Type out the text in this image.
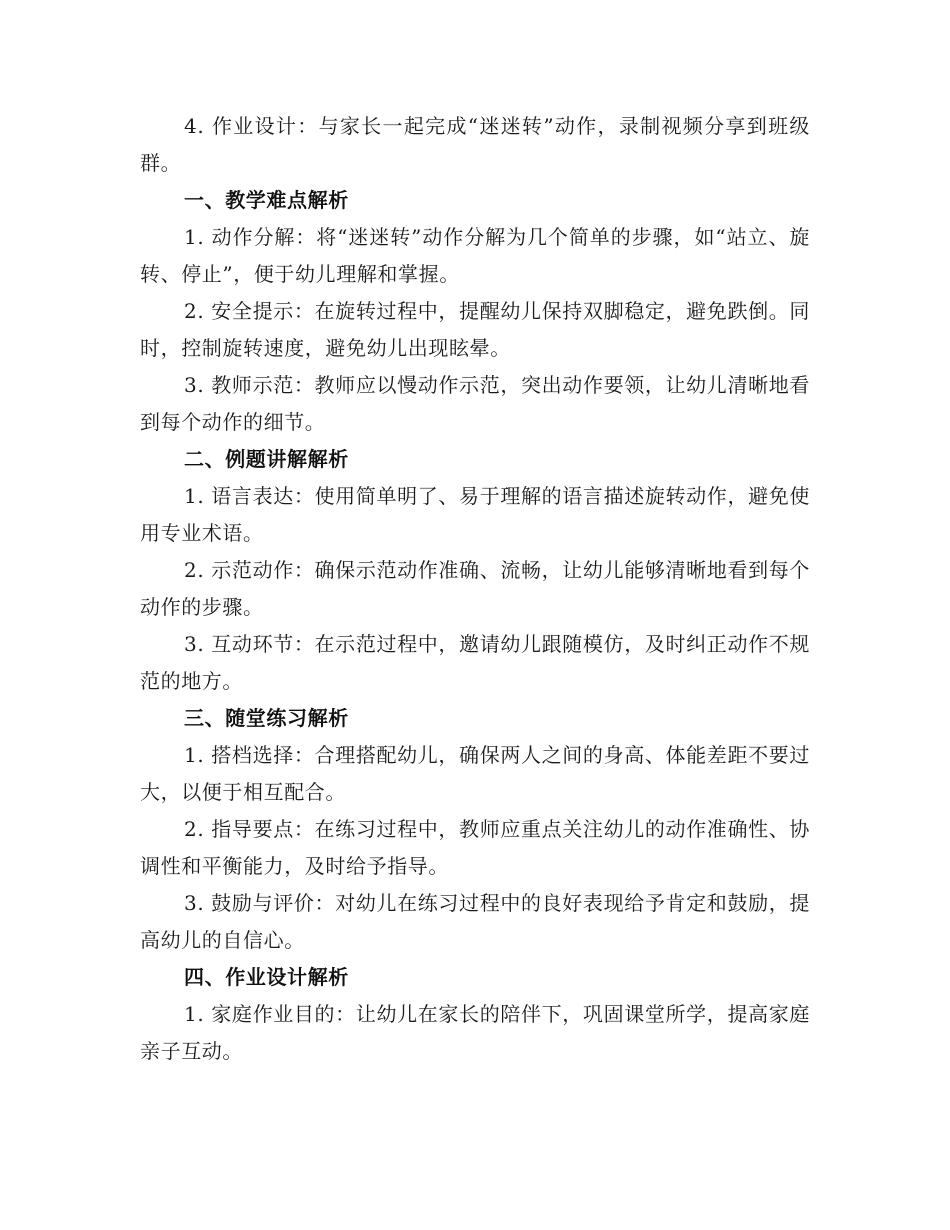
4. 作业设计：与家长一起完成“迷迷转”动作，录制视频分享到班级群。

一、教学难点解析

1. 动作分解：将“迷迷转”动作分解为几个简单的步骤，如“站立、旋转、停止”，便于幼儿理解和掌握。

2. 安全提示：在旋转过程中，提醒幼儿保持双脚稳定，避免跌倒。同时，控制旋转速度，避免幼儿出现眩晕。

3. 教师示范：教师应以慢动作示范，突出动作要领，让幼儿清晰地看到每个动作的细节。

二、例题讲解解析

1. 语言表达：使用简单明了、易于理解的语言描述旋转动作，避免使用专业术语。

2. 示范动作：确保示范动作准确、流畅，让幼儿能够清晰地看到每个动作的步骤。

3. 互动环节：在示范过程中，邀请幼儿跟随模仿，及时纠正动作不规范的地方。

三、随堂练习解析

1. 搭档选择：合理搭配幼儿，确保两人之间的身高、体能差距不要过大，以便于相互配合。

2. 指导要点：在练习过程中，教师应重点关注幼儿的动作准确性、协调性和平衡能力，及时给予指导。

3. 鼓励与评价：对幼儿在练习过程中的良好表现给予肯定和鼓励，提高幼儿的自信心。

四、作业设计解析

1. 家庭作业目的：让幼儿在家长的陪伴下，巩固课堂所学，提高家庭亲子互动。
